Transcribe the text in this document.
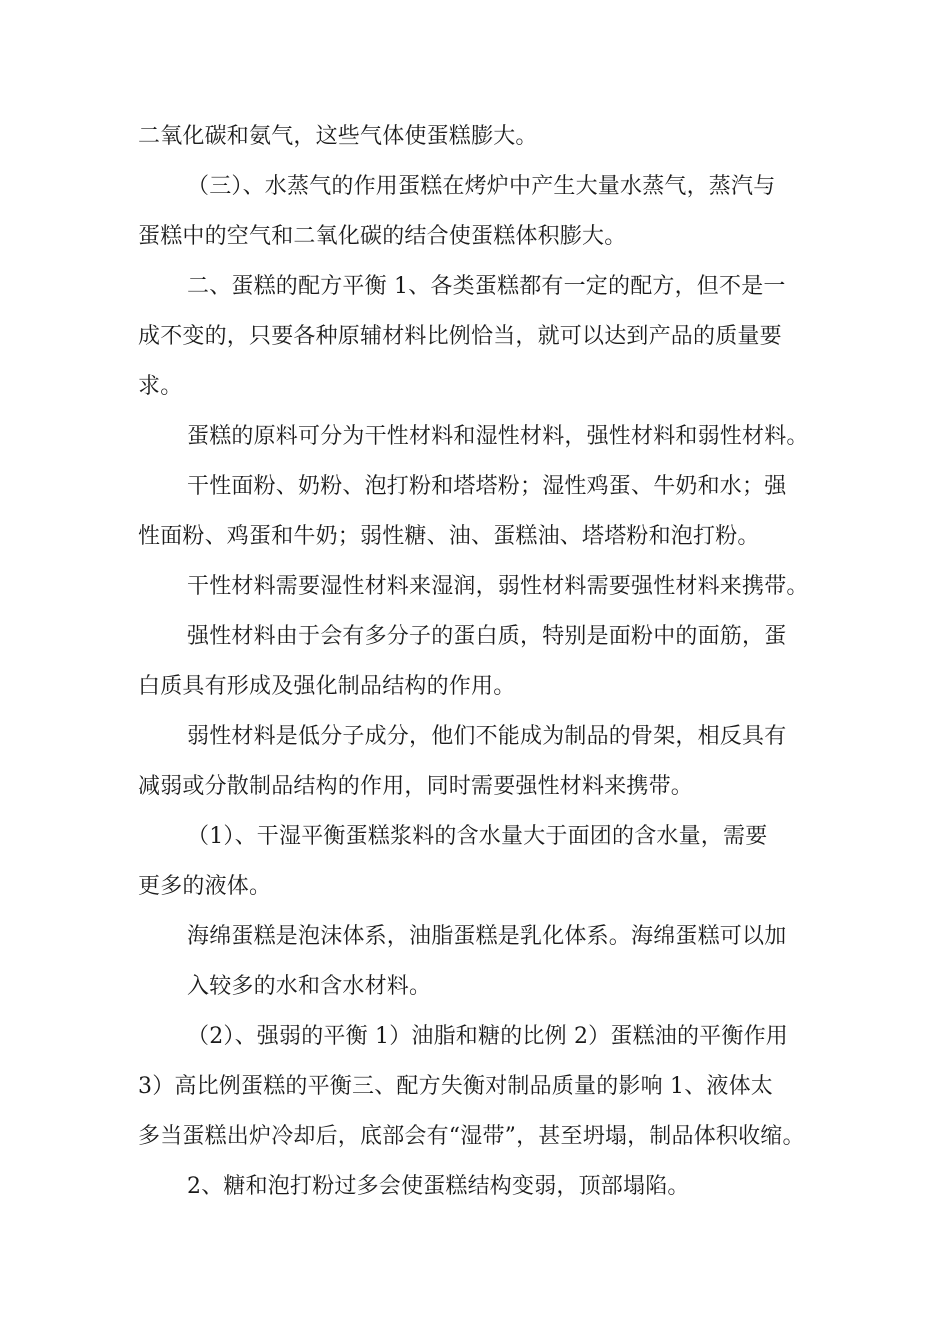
二氧化碳和氨气，这些气体使蛋糕膨大。
（三）、水蒸气的作用蛋糕在烤炉中产生大量水蒸气，蒸汽与
蛋糕中的空气和二氧化碳的结合使蛋糕体积膨大。
二、蛋糕的配方平衡 1、各类蛋糕都有一定的配方，但不是一
成不变的，只要各种原辅材料比例恰当，就可以达到产品的质量要
求。
蛋糕的原料可分为干性材料和湿性材料，强性材料和弱性材料。
干性面粉、奶粉、泡打粉和塔塔粉；湿性鸡蛋、牛奶和水；强
性面粉、鸡蛋和牛奶；弱性糖、油、蛋糕油、塔塔粉和泡打粉。
干性材料需要湿性材料来湿润，弱性材料需要强性材料来携带。
强性材料由于会有多分子的蛋白质，特别是面粉中的面筋，蛋
白质具有形成及强化制品结构的作用。
弱性材料是低分子成分，他们不能成为制品的骨架，相反具有
减弱或分散制品结构的作用，同时需要强性材料来携带。
（1）、干湿平衡蛋糕浆料的含水量大于面团的含水量，需要
更多的液体。
海绵蛋糕是泡沫体系，油脂蛋糕是乳化体系。海绵蛋糕可以加
入较多的水和含水材料。
（2）、强弱的平衡 1）油脂和糖的比例 2）蛋糕油的平衡作用
3）高比例蛋糕的平衡三、配方失衡对制品质量的影响 1、液体太
多当蛋糕出炉冷却后，底部会有“湿带”，甚至坍塌，制品体积收缩。
2、糖和泡打粉过多会使蛋糕结构变弱，顶部塌陷。
